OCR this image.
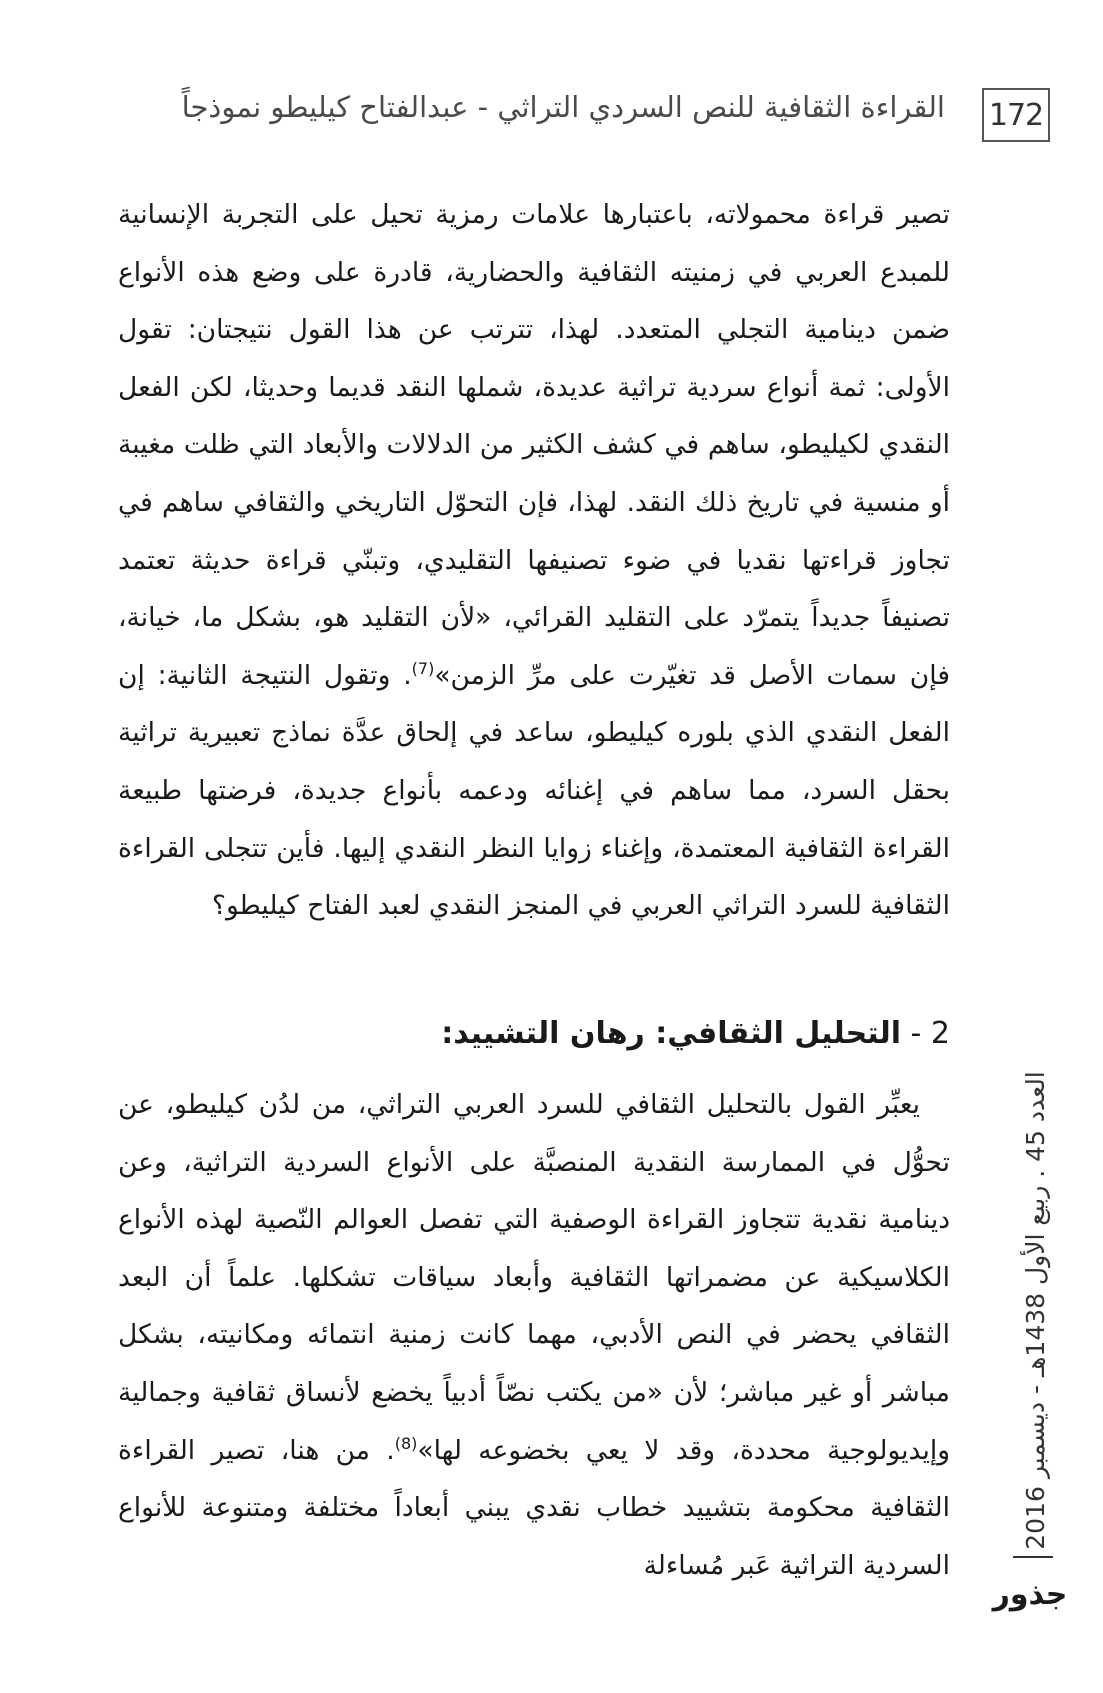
172
القراءة الثقافية للنص السردي التراثي - عبدالفتاح كيليطو نموذجاً

تصير قراءة محمولاته، باعتبارها علامات رمزية تحيل على التجربة الإنسانية للمبدع العربي في زمنيته الثقافية والحضارية، قادرة على وضع هذه الأنواع ضمن دينامية التجلي المتعدد. لهذا، تترتب عن هذا القول نتيجتان: تقول الأولى: ثمة أنواع سردية تراثية عديدة، شملها النقد قديما وحديثا، لكن الفعل النقدي لكيليطو، ساهم في كشف الكثير من الدلالات والأبعاد التي ظلت مغيبة أو منسية في تاريخ ذلك النقد. لهذا، فإن التحوّل التاريخي والثقافي ساهم في تجاوز قراءتها نقديا في ضوء تصنيفها التقليدي، وتبنّي قراءة حديثة تعتمد تصنيفاً جديداً يتمرّد على التقليد القرائي، «لأن التقليد هو، بشكل ما، خيانة، فإن سمات الأصل قد تغيّرت على مرِّ الزمن»$^{(7)}$. وتقول النتيجة الثانية: إن الفعل النقدي الذي بلوره كيليطو، ساعد في إلحاق عدَّة نماذج تعبيرية تراثية بحقل السرد، مما ساهم في إغنائه ودعمه بأنواع جديدة، فرضتها طبيعة القراءة الثقافية المعتمدة، وإغناء زوايا النظر النقدي إليها. فأين تتجلى القراءة الثقافية للسرد التراثي العربي في المنجز النقدي لعبد الفتاح كيليطو؟

2 - التحليل الثقافي: رهان التشييد:

يعبِّر القول بالتحليل الثقافي للسرد العربي التراثي، من لدُن كيليطو، عن تحوُّل في الممارسة النقدية المنصبَّة على الأنواع السردية التراثية، وعن دينامية نقدية تتجاوز القراءة الوصفية التي تفصل العوالم النّصية لهذه الأنواع الكلاسيكية عن مضمراتها الثقافية وأبعاد سياقات تشكلها. علماً أن البعد الثقافي يحضر في النص الأدبي، مهما كانت زمنية انتمائه ومكانيته، بشكل مباشر أو غير مباشر؛ لأن «من يكتب نصّاً أدبياً يخضع لأنساق ثقافية وجمالية وإيديولوجية محددة، وقد لا يعي بخضوعه لها»$^{(8)}$. من هنا، تصير القراءة الثقافية محكومة بتشييد خطاب نقدي يبني أبعاداً مختلفة ومتنوعة للأنواع السردية التراثية عَبر مُساءلة

العدد 45 . ربيع الأول 1438هـ - ديسمبر 2016
جذور
